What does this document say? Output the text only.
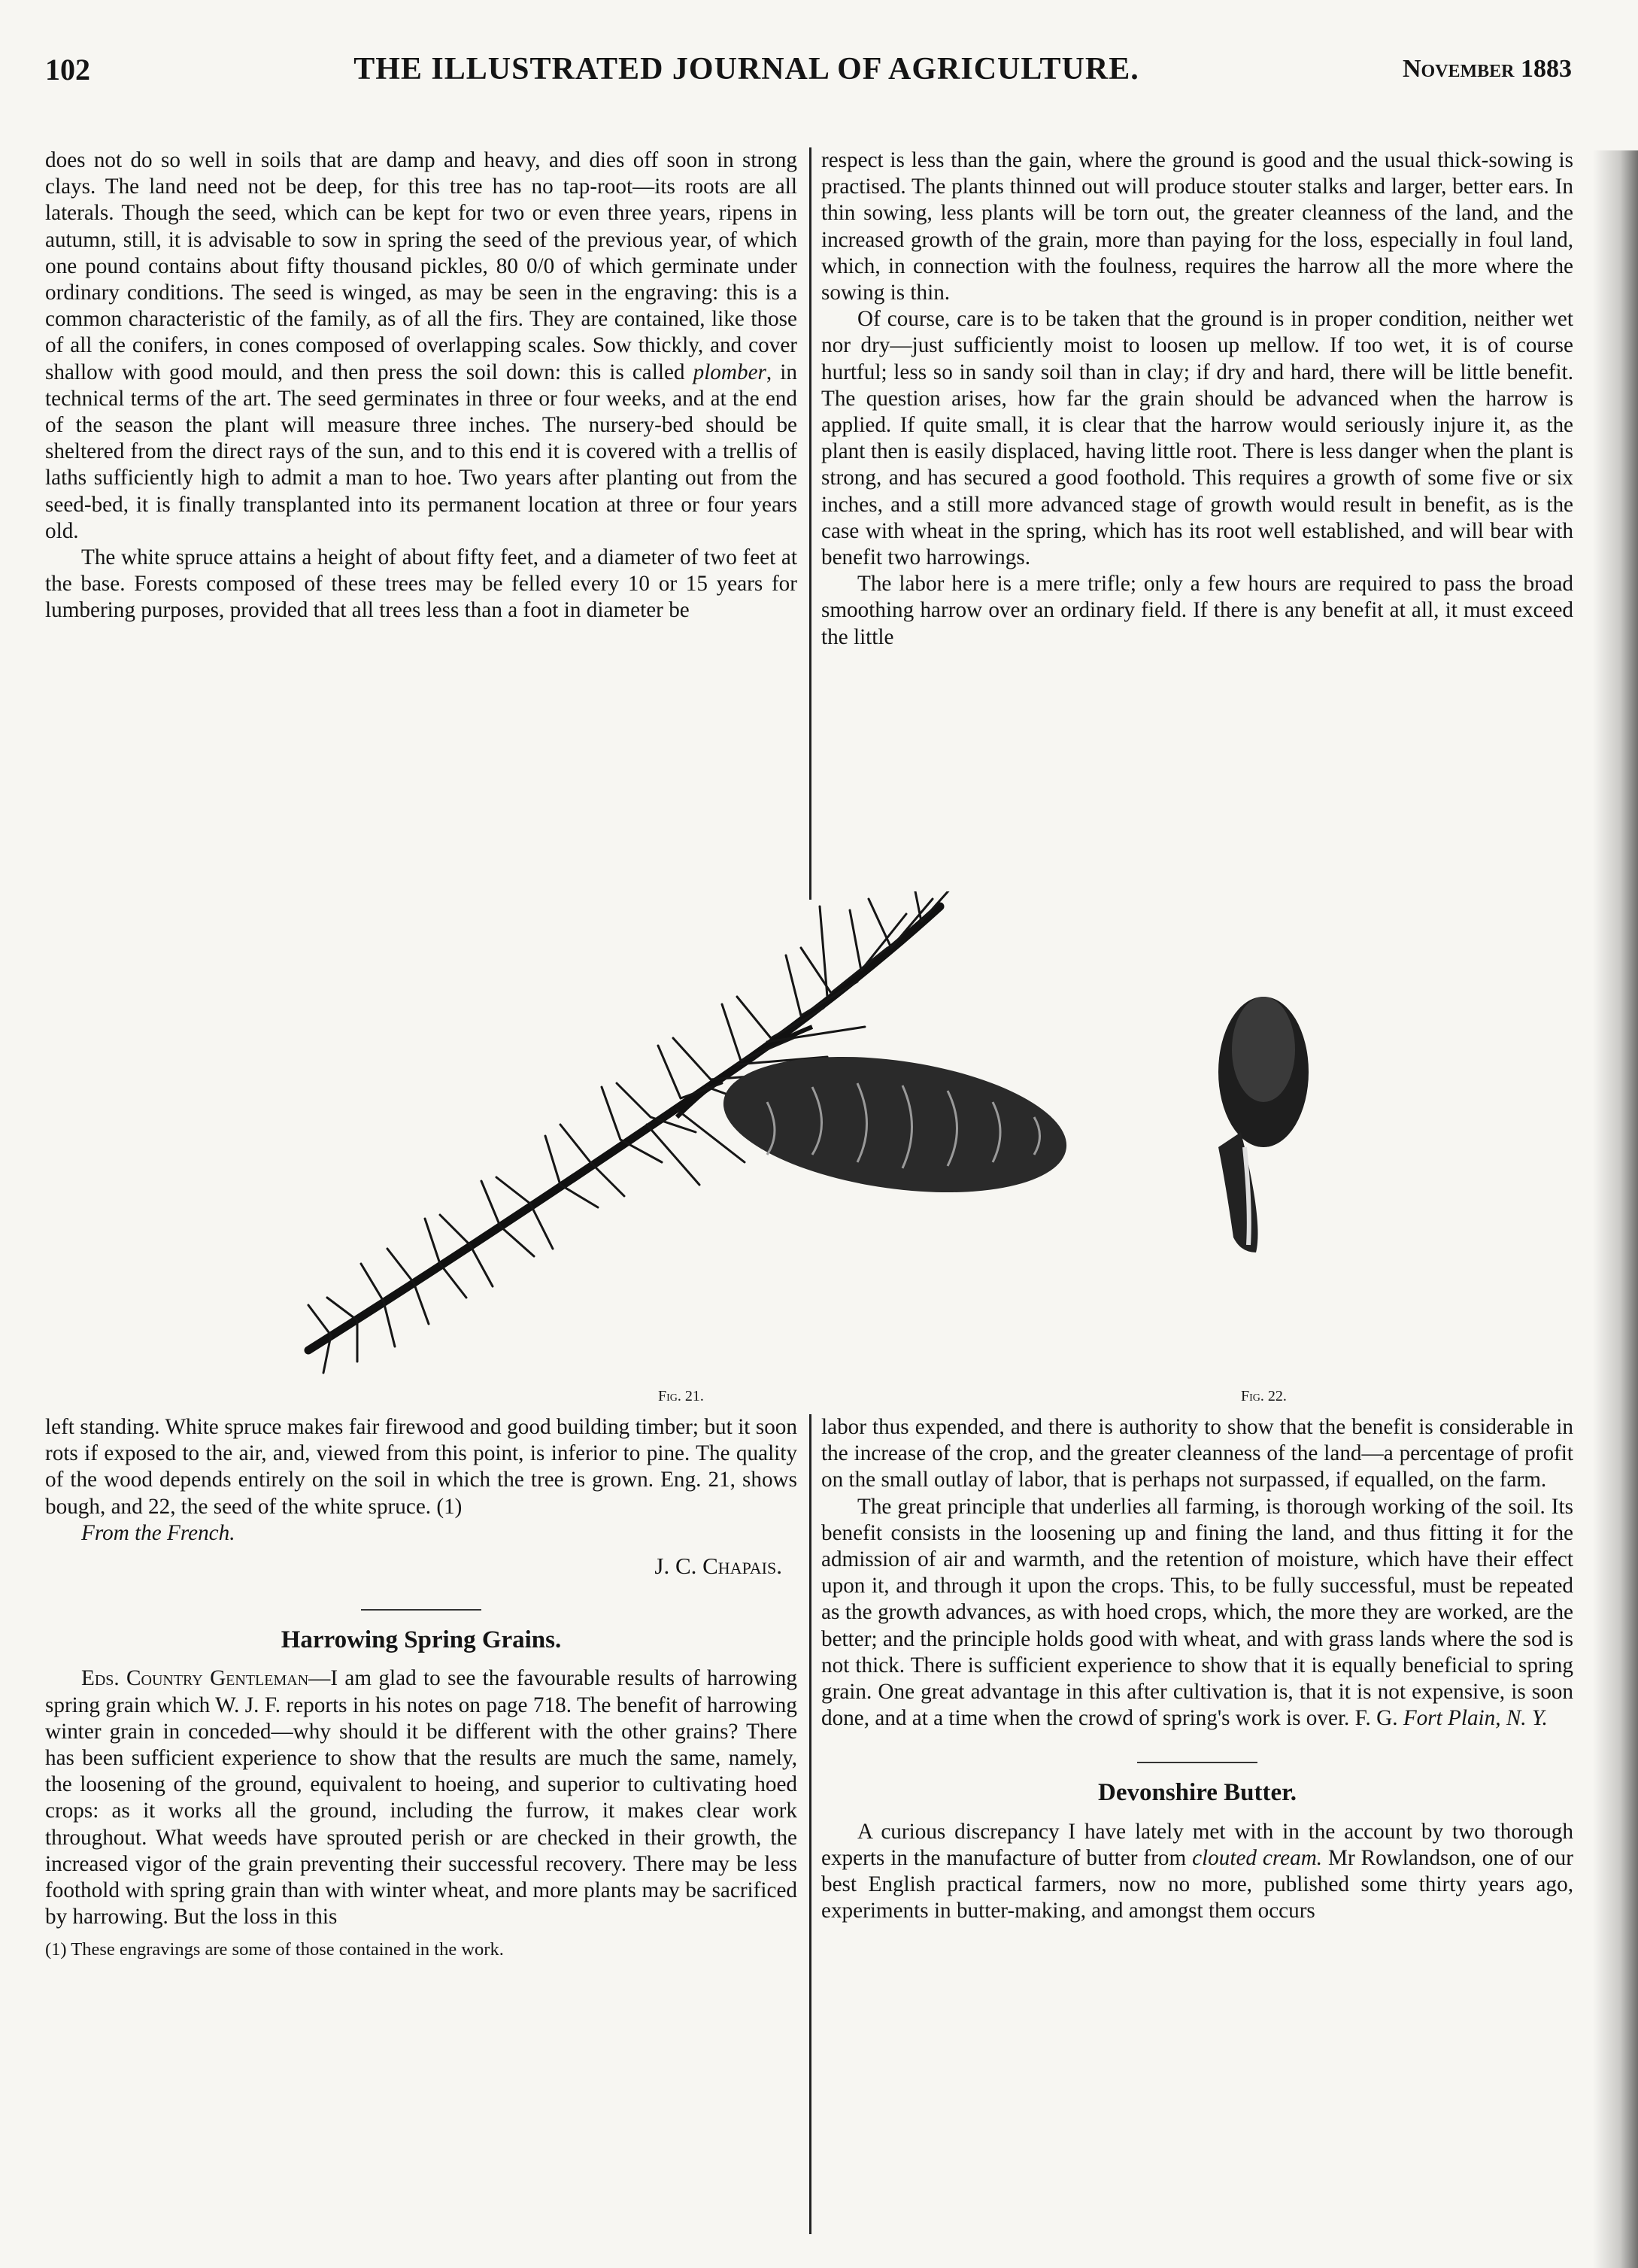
102	THE ILLUSTRATED JOURNAL OF AGRICULTURE.	November 1883

does not do so well in soils that are damp and heavy, and dies off soon in strong clays. The land need not be deep, for this tree has no tap-root—its roots are all laterals. Though the seed, which can be kept for two or even three years, ripens in autumn, still, it is advisable to sow in spring the seed of the previous year, of which one pound contains about fifty thousand pickles, 80 0/0 of which germinate under ordinary conditions. The seed is winged, as may be seen in the engraving: this is a common characteristic of the family, as of all the firs. They are contained, like those of all the conifers, in cones composed of overlapping scales. Sow thickly, and cover shallow with good mould, and then press the soil down: this is called plomber, in technical terms of the art. The seed germinates in three or four weeks, and at the end of the season the plant will measure three inches. The nursery-bed should be sheltered from the direct rays of the sun, and to this end it is covered with a trellis of laths sufficiently high to admit a man to hoe. Two years after planting out from the seed-bed, it is finally transplanted into its permanent location at three or four years old.

The white spruce attains a height of about fifty feet, and a diameter of two feet at the base. Forests composed of these trees may be felled every 10 or 15 years for lumbering purposes, provided that all trees less than a foot in diameter be

respect is less than the gain, where the ground is good and the usual thick-sowing is practised. The plants thinned out will produce stouter stalks and larger, better ears. In thin sowing, less plants will be torn out, the greater cleanness of the land, and the increased growth of the grain, more than paying for the loss, especially in foul land, which, in connection with the foulness, requires the harrow all the more where the sowing is thin.

Of course, care is to be taken that the ground is in proper condition, neither wet nor dry—just sufficiently moist to loosen up mellow. If too wet, it is of course hurtful; less so in sandy soil than in clay; if dry and hard, there will be little benefit. The question arises, how far the grain should be advanced when the harrow is applied. If quite small, it is clear that the harrow would seriously injure it, as the plant then is easily displaced, having little root. There is less danger when the plant is strong, and has secured a good foothold. This requires a growth of some five or six inches, and a still more advanced stage of growth would result in benefit, as is the case with wheat in the spring, which has its root well established, and will bear with benefit two harrowings.

The labor here is a mere trifle; only a few hours are required to pass the broad smoothing harrow over an ordinary field. If there is any benefit at all, it must exceed the little

Fig. 21.	Fig. 22.

left standing. White spruce makes fair firewood and good building timber; but it soon rots if exposed to the air, and, viewed from this point, is inferior to pine. The quality of the wood depends entirely on the soil in which the tree is grown. Eng. 21, shows bough, and 22, the seed of the white spruce. (1)

From the French.

J. C. Chapais.

Harrowing Spring Grains.

Eds. Country Gentleman—I am glad to see the favourable results of harrowing spring grain which W. J. F. reports in his notes on page 718. The benefit of harrowing winter grain in conceded—why should it be different with the other grains? There has been sufficient experience to show that the results are much the same, namely, the loosening of the ground, equivalent to hoeing, and superior to cultivating hoed crops: as it works all the ground, including the furrow, it makes clear work throughout. What weeds have sprouted perish or are checked in their growth, the increased vigor of the grain preventing their successful recovery. There may be less foothold with spring grain than with winter wheat, and more plants may be sacrificed by harrowing. But the loss in this

(1) These engravings are some of those contained in the work.

labor thus expended, and there is authority to show that the benefit is considerable in the increase of the crop, and the greater cleanness of the land—a percentage of profit on the small outlay of labor, that is perhaps not surpassed, if equalled, on the farm.

The great principle that underlies all farming, is thorough working of the soil. Its benefit consists in the loosening up and fining the land, and thus fitting it for the admission of air and warmth, and the retention of moisture, which have their effect upon it, and through it upon the crops. This, to be fully successful, must be repeated as the growth advances, as with hoed crops, which, the more they are worked, are the better; and the principle holds good with wheat, and with grass lands where the sod is not thick. There is sufficient experience to show that it is equally beneficial to spring grain. One great advantage in this after cultivation is, that it is not expensive, is soon done, and at a time when the crowd of spring's work is over. F. G. Fort Plain, N. Y.

Devonshire Butter.

A curious discrepancy I have lately met with in the account by two thorough experts in the manufacture of butter from clouted cream. Mr Rowlandson, one of our best English practical farmers, now no more, published some thirty years ago, experiments in butter-making, and amongst them occurs
